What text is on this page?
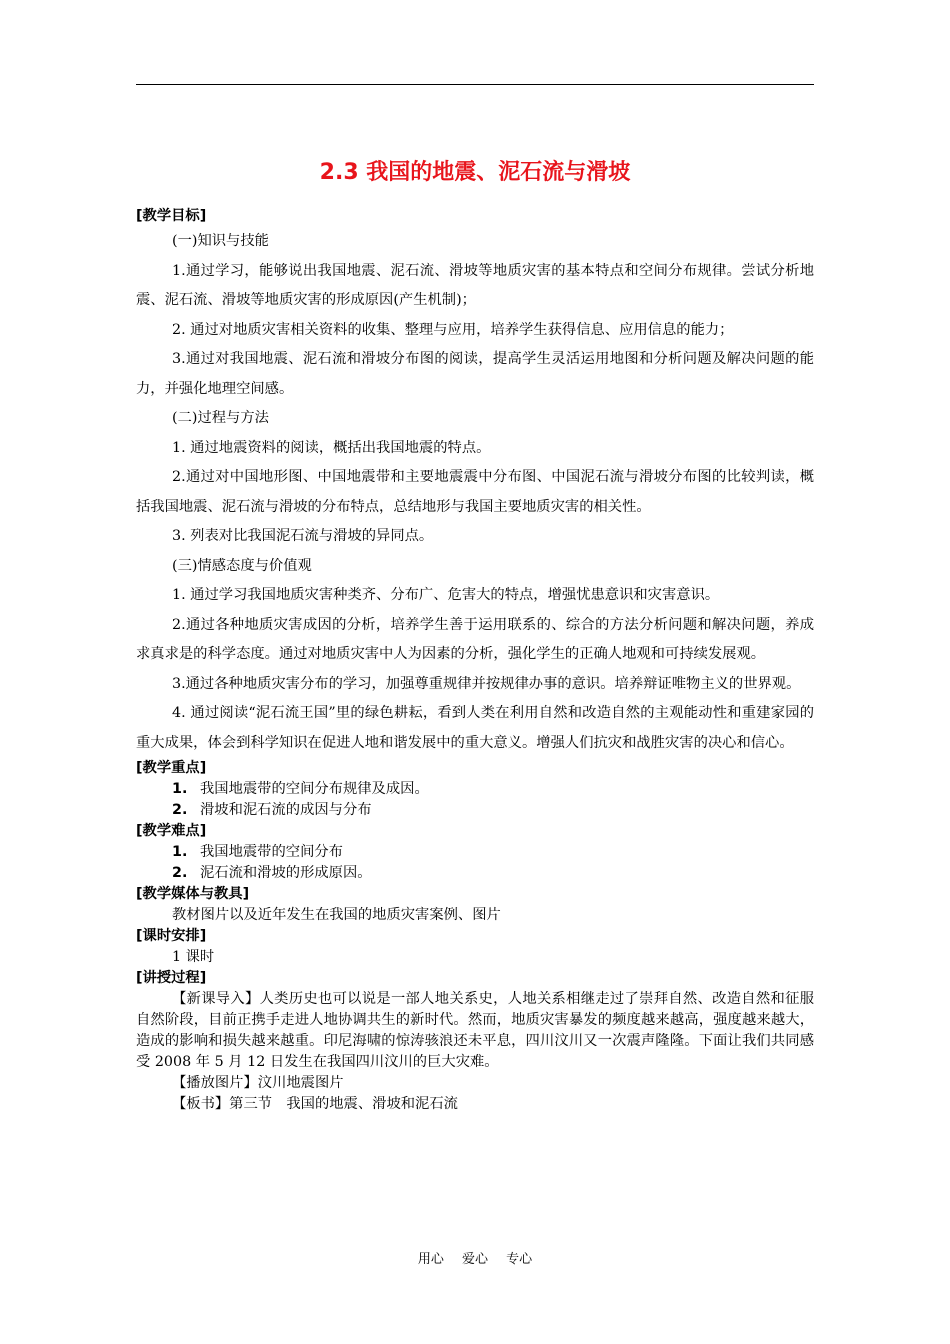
2.3 我国的地震、泥石流与滑坡
[教学目标]
(一)知识与技能
1.通过学习，能够说出我国地震、泥石流、滑坡等地质灾害的基本特点和空间分布规律。尝试分析地震、泥石流、滑坡等地质灾害的形成原因(产生机制)；
2. 通过对地质灾害相关资料的收集、整理与应用，培养学生获得信息、应用信息的能力；
3.通过对我国地震、泥石流和滑坡分布图的阅读，提高学生灵活运用地图和分析问题及解决问题的能力，并强化地理空间感。
(二)过程与方法
1. 通过地震资料的阅读，概括出我国地震的特点。
2.通过对中国地形图、中国地震带和主要地震震中分布图、中国泥石流与滑坡分布图的比较判读，概括我国地震、泥石流与滑坡的分布特点，总结地形与我国主要地质灾害的相关性。
3. 列表对比我国泥石流与滑坡的异同点。
(三)情感态度与价值观
1. 通过学习我国地质灾害种类齐、分布广、危害大的特点，增强忧患意识和灾害意识。
2.通过各种地质灾害成因的分析，培养学生善于运用联系的、综合的方法分析问题和解决问题，养成求真求是的科学态度。通过对地质灾害中人为因素的分析，强化学生的正确人地观和可持续发展观。
3.通过各种地质灾害分布的学习，加强尊重规律并按规律办事的意识。培养辩证唯物主义的世界观。
4. 通过阅读“泥石流王国”里的绿色耕耘，看到人类在利用自然和改造自然的主观能动性和重建家园的重大成果，体会到科学知识在促进人地和谐发展中的重大意义。增强人们抗灾和战胜灾害的决心和信心。
[教学重点]
1. 我国地震带的空间分布规律及成因。
2. 滑坡和泥石流的成因与分布
[教学难点]
1. 我国地震带的空间分布
2. 泥石流和滑坡的形成原因。
[教学媒体与教具]
教材图片以及近年发生在我国的地质灾害案例、图片
[课时安排]
1 课时
[讲授过程]
【新课导入】人类历史也可以说是一部人地关系史，人地关系相继走过了崇拜自然、改造自然和征服自然阶段，目前正携手走进人地协调共生的新时代。然而，地质灾害暴发的频度越来越高，强度越来越大，造成的影响和损失越来越重。印尼海啸的惊涛骇浪还未平息，四川汶川又一次震声隆隆。下面让我们共同感受 2008 年 5 月 12 日发生在我国四川汶川的巨大灾难。
【播放图片】汶川地震图片
【板书】第三节　我国的地震、滑坡和泥石流
用心 爱心 专心
